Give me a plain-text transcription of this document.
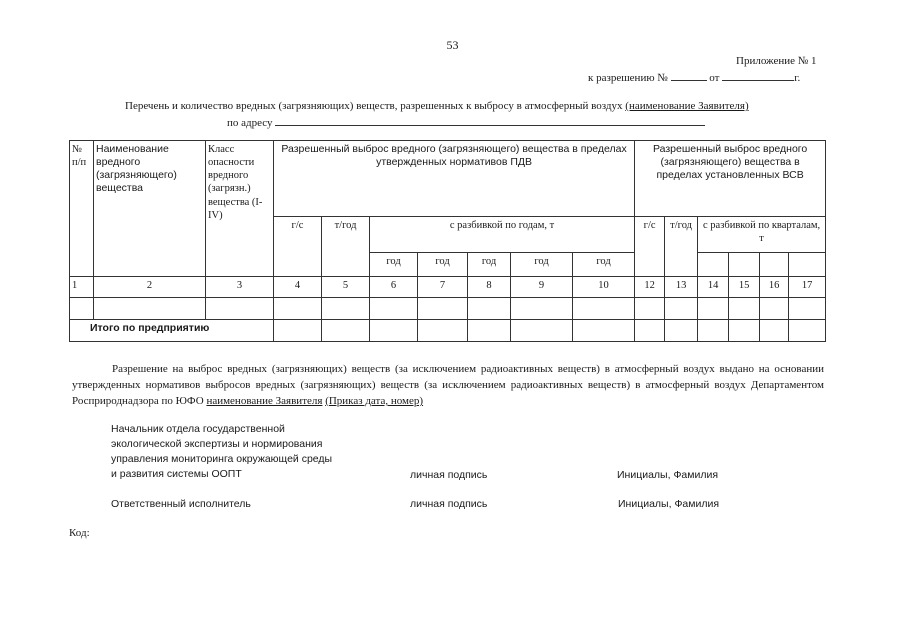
53
Приложение № 1
к разрешению №	от	г.
Перечень и количество вредных (загрязняющих) веществ, разрешенных к выбросу в атмосферный воздух (наименование Заявителя)
по адресу
№ п/п	Наименование вредного (загрязняющего) вещества	Класс опасности вредного (загрязн.) вещества (I-IV)	Разрешенный выброс вредного (загрязняющего) вещества в пределах утвержденных нормативов ПДВ							Разрешенный выброс вредного (загрязняющего) вещества в пределах установленных ВСВ					
			г/с	т/год	с разбивкой по годам, т					г/с	т/год	с разбивкой по кварталам, т			
					год	год	год	год	год						
1	2	3	4	5	6	7	8	9	10	12	13	14	15	16	17

Итого по предприятию															
Разрешение на выброс вредных (загрязняющих) веществ (за исключением радиоактивных веществ) в атмосферный воздух выдано на основании утвержденных нормативов выбросов вредных (загрязняющих) веществ (за исключением радиоактивных веществ) в атмосферный воздух Департаментом Росприроднадзора по ЮФО наименование Заявителя (Приказ дата, номер)
Начальник отдела государственной
экологической экспертизы и нормирования
управления мониторинга окружающей среды
и развития системы ООПТ	личная подпись	Инициалы, Фамилия
Ответственный исполнитель	личная подпись	Инициалы, Фамилия
Код:
